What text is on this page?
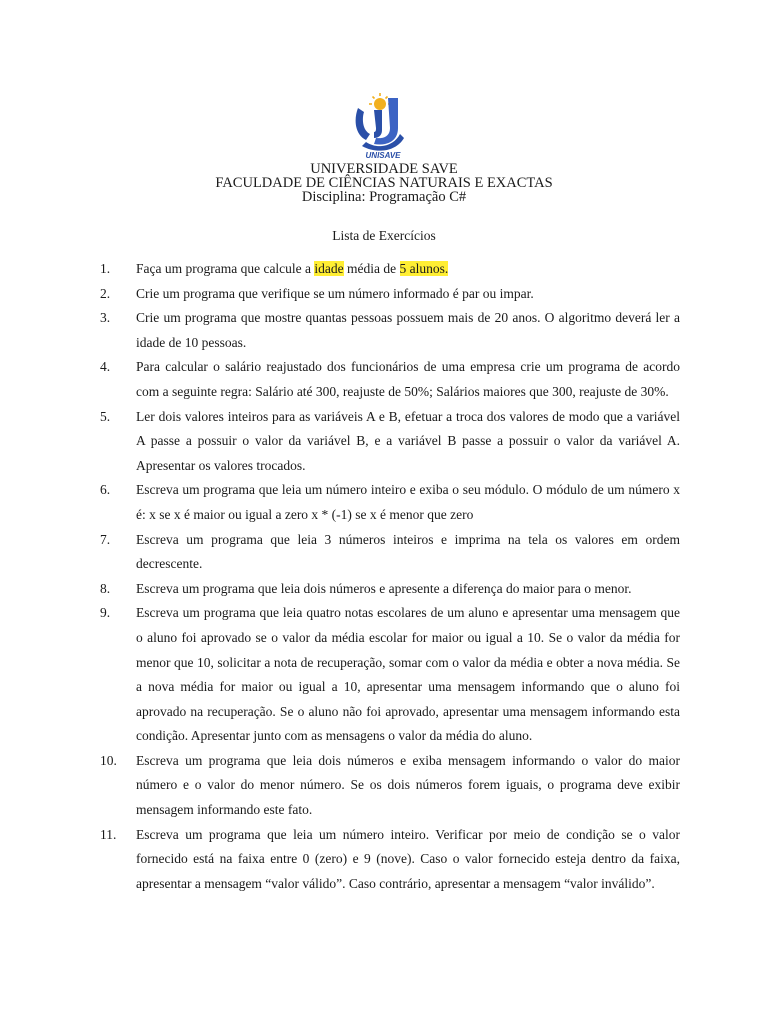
UNISAVE
UNIVERSIDADE SAVE
FACULDADE DE CIÊNCIAS NATURAIS E EXACTAS
Disciplina: Programação C#
Lista de Exercícios
1.	Faça um programa que calcule a idade média de 5 alunos.
2.	Crie um programa que verifique se um número informado é par ou impar.
3.	Crie um programa que mostre quantas pessoas possuem mais de 20 anos. O algoritmo deverá ler a idade de 10 pessoas.
4.	Para calcular o salário reajustado dos funcionários de uma empresa crie um programa de acordo com a seguinte regra: Salário até 300, reajuste de 50%; Salários maiores que 300, reajuste de 30%.
5.	Ler dois valores inteiros para as variáveis A e B, efetuar a troca dos valores de modo que a variável A passe a possuir o valor da variável B, e a variável B passe a possuir o valor da variável A. Apresentar os valores trocados.
6.	Escreva um programa que leia um número inteiro e exiba o seu módulo. O módulo de um número x é: x se x é maior ou igual a zero x * (-1) se x é menor que zero
7.	Escreva um programa que leia 3 números inteiros e imprima na tela os valores em ordem decrescente.
8.	Escreva um programa que leia dois números e apresente a diferença do maior para o menor.
9.	Escreva um programa que leia quatro notas escolares de um aluno e apresentar uma mensagem que o aluno foi aprovado se o valor da média escolar for maior ou igual a 10. Se o valor da média for menor que 10, solicitar a nota de recuperação, somar com o valor da média e obter a nova média. Se a nova média for maior ou igual a 10, apresentar uma mensagem informando que o aluno foi aprovado na recuperação. Se o aluno não foi aprovado, apresentar uma mensagem informando esta condição. Apresentar junto com as mensagens o valor da média do aluno.
10.	Escreva um programa que leia dois números e exiba mensagem informando o valor do maior número e o valor do menor número. Se os dois números forem iguais, o programa deve exibir mensagem informando este fato.
11.	Escreva um programa que leia um número inteiro. Verificar por meio de condição se o valor fornecido está na faixa entre 0 (zero) e 9 (nove). Caso o valor fornecido esteja dentro da faixa, apresentar a mensagem “valor válido”. Caso contrário, apresentar a mensagem “valor inválido”.
